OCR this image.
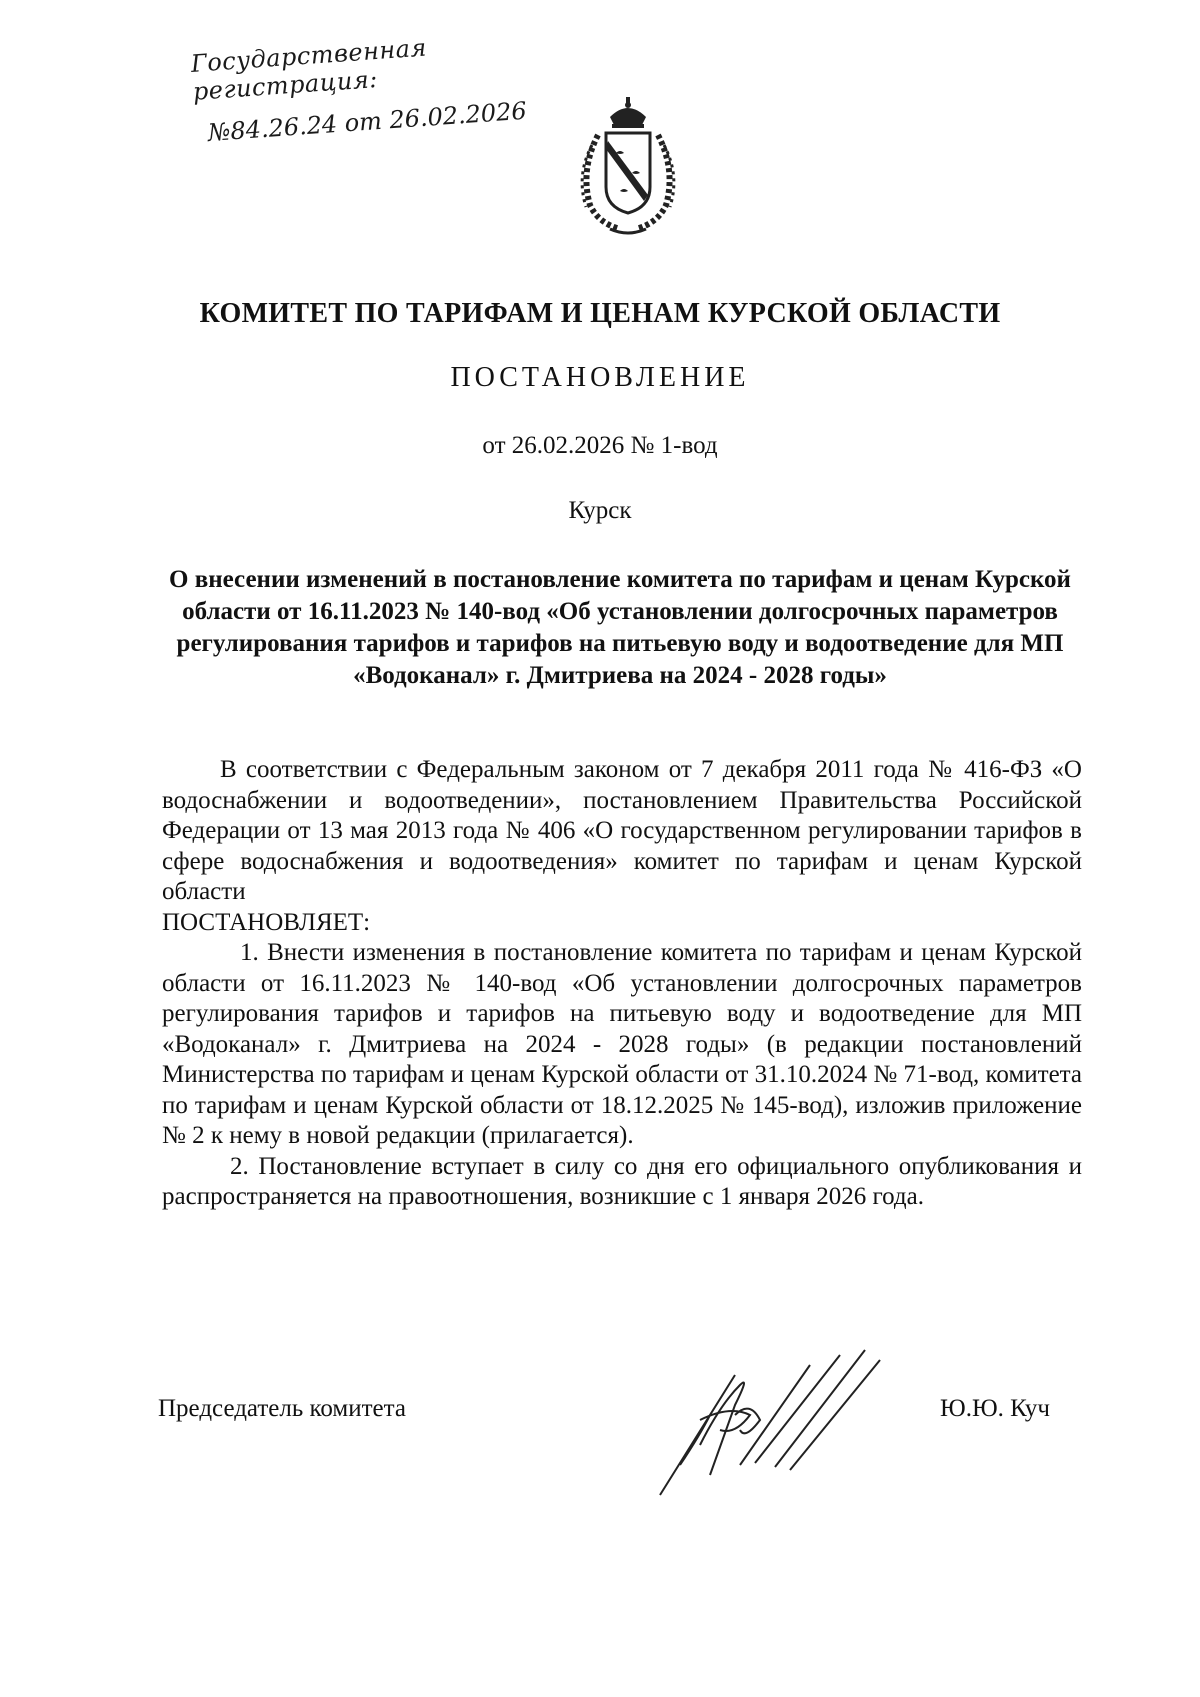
Государственная регистрация:
№84.26.24 от 26.02.2026
КОМИТЕТ ПО ТАРИФАМ И ЦЕНАМ КУРСКОЙ ОБЛАСТИ
ПОСТАНОВЛЕНИЕ
от 26.02.2026 № 1-вод
Курск
О внесении изменений в постановление комитета по тарифам и ценам Курской области от 16.11.2023 № 140-вод «Об установлении долгосрочных параметров регулирования тарифов и тарифов на питьевую воду и водоотведение для МП «Водоканал» г. Дмитриева на 2024 - 2028 годы»

В соответствии с Федеральным законом от 7 декабря 2011 года № 416-ФЗ «О водоснабжении и водоотведении», постановлением Правительства Российской Федерации от 13 мая 2013 года № 406 «О государственном регулировании тарифов в сфере водоснабжения и водоотведения» комитет по тарифам и ценам Курской области
ПОСТАНОВЛЯЕТ:

1. Внести изменения в постановление комитета по тарифам и ценам Курской области от 16.11.2023 № 140-вод «Об установлении долгосрочных параметров регулирования тарифов и тарифов на питьевую воду и водоотведение для МП «Водоканал» г. Дмитриева на 2024 - 2028 годы» (в редакции постановлений Министерства по тарифам и ценам Курской области от 31.10.2024 № 71-вод, комитета по тарифам и ценам Курской области от 18.12.2025 № 145-вод), изложив приложение № 2 к нему в новой редакции (прилагается).

2. Постановление вступает в силу со дня его официального опубликования и распространяется на правоотношения, возникшие с 1 января 2026 года.

Председатель комитета	Ю.Ю. Куч
